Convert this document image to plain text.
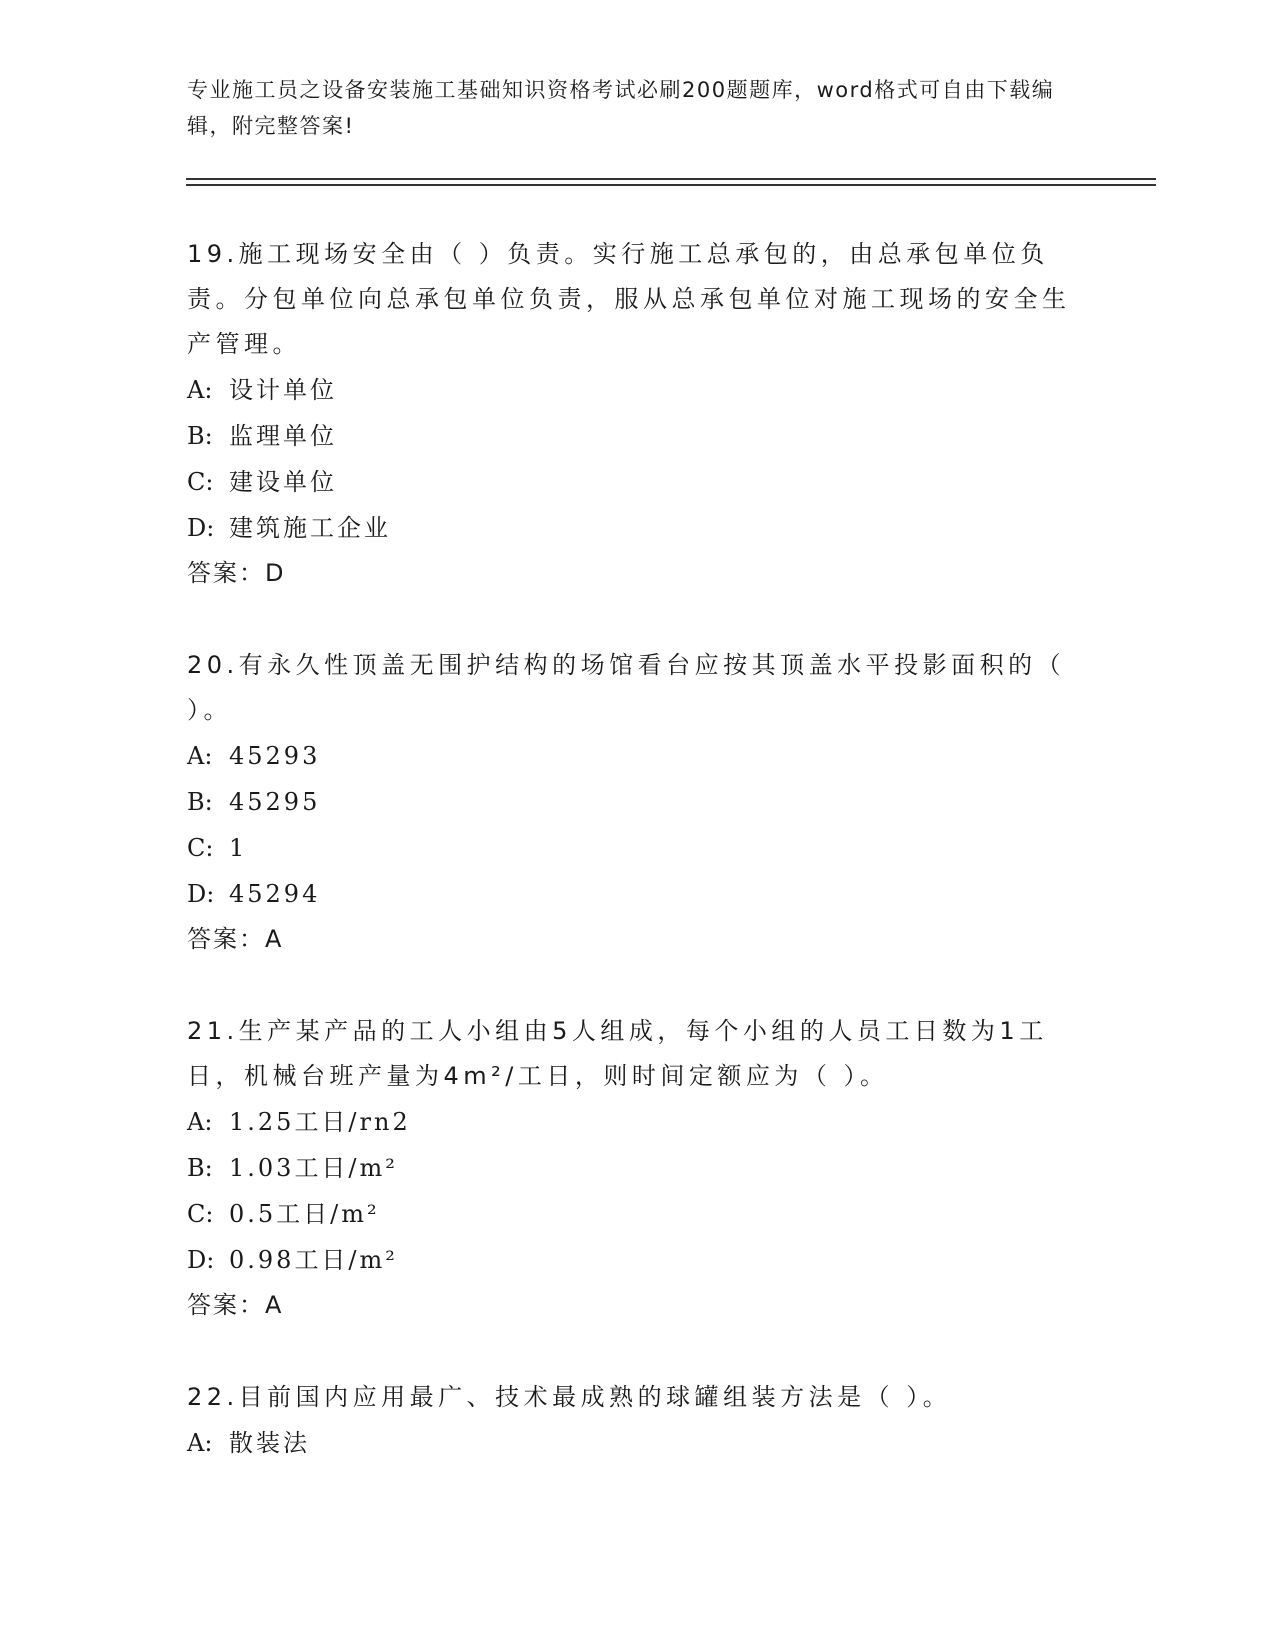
专业施工员之设备安装施工基础知识资格考试必刷200题题库，word格式可自由下载编辑，附完整答案!
19.施工现场安全由（ ）负责。实行施工总承包的，由总承包单位负责。分包单位向总承包单位负责，服从总承包单位对施工现场的安全生产管理。
A: 设计单位
B: 监理单位
C: 建设单位
D: 建筑施工企业
答案：D
20.有永久性顶盖无围护结构的场馆看台应按其顶盖水平投影面积的（ ）。
A: 45293
B: 45295
C: 1
D: 45294
答案：A
21.生产某产品的工人小组由5人组成，每个小组的人员工日数为1工日，机械台班产量为4m²/工日，则时间定额应为（ ）。
A: 1.25工日/rn2
B: 1.03工日/m²
C: 0.5工日/m²
D: 0.98工日/m²
答案：A
22.目前国内应用最广、技术最成熟的球罐组装方法是（ ）。
A: 散装法
